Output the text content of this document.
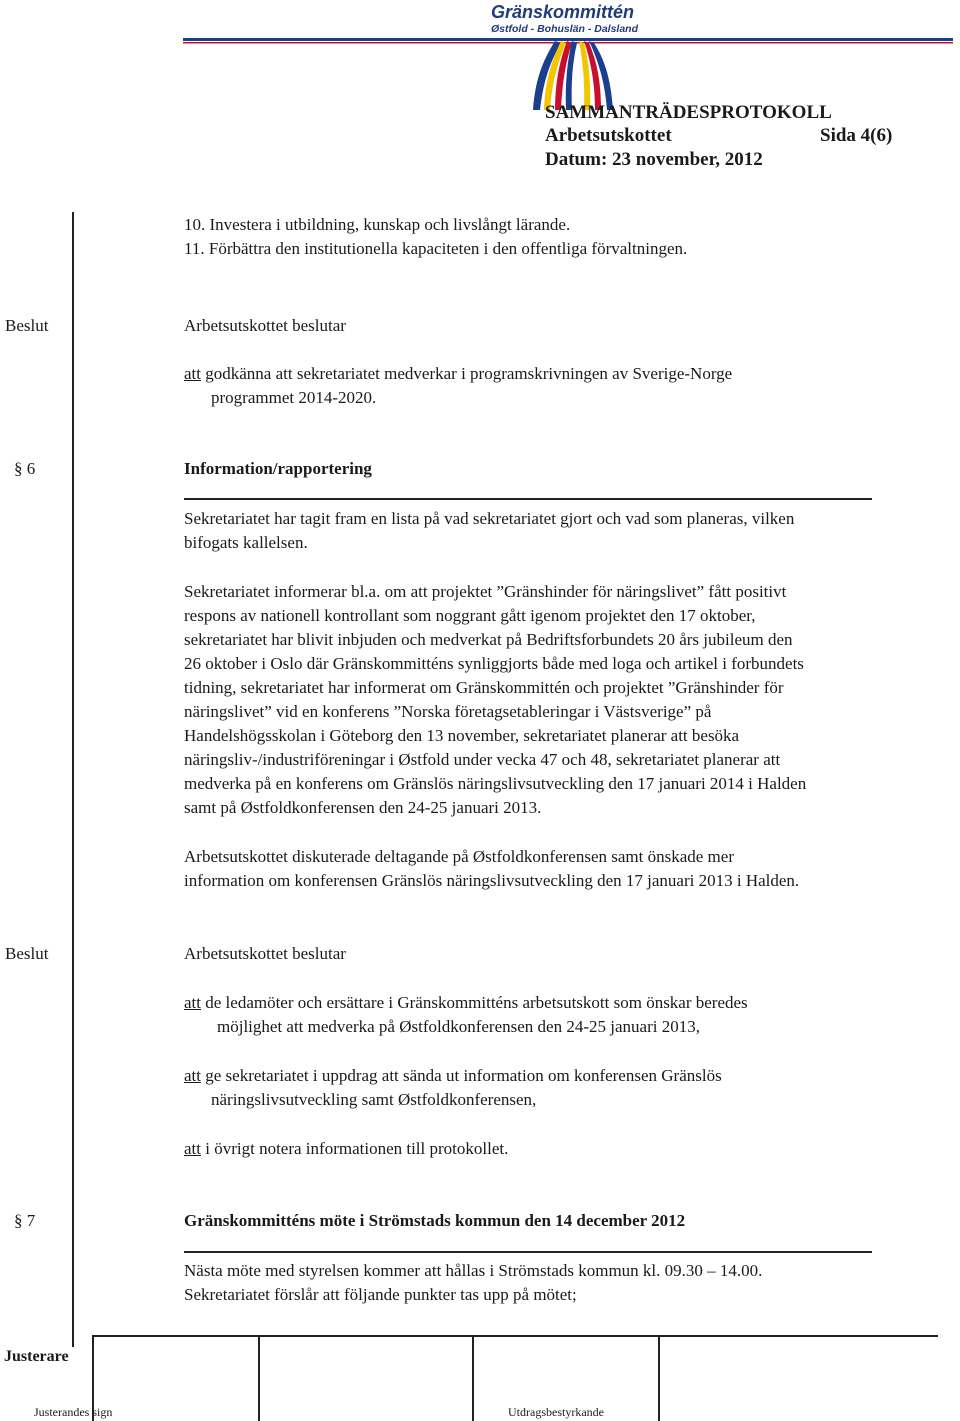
Gränskommittén
Østfold - Bohuslän - Dalsland
SAMMANTRÄDESPROTOKOLL
Arbetsutskottet	Sida 4(6)
Datum: 23 november, 2012
10. Investera i utbildning, kunskap och livslångt lärande.
11. Förbättra den institutionella kapaciteten i den offentliga förvaltningen.
Beslut	Arbetsutskottet beslutar
att godkänna att sekretariatet medverkar i programskrivningen av Sverige-Norge
programmet 2014-2020.
§ 6	Information/rapportering
Sekretariatet har tagit fram en lista på vad sekretariatet gjort och vad som planeras, vilken
bifogats kallelsen.
Sekretariatet informerar bl.a. om att projektet ”Gränshinder för näringslivet” fått positivt
respons av nationell kontrollant som noggrant gått igenom projektet den 17 oktober,
sekretariatet har blivit inbjuden och medverkat på Bedriftsforbundets 20 års jubileum den
26 oktober i Oslo där Gränskommitténs synliggjorts både med loga och artikel i forbundets
tidning, sekretariatet har informerat om Gränskommittén och projektet ”Gränshinder för
näringslivet” vid en konferens ”Norska företagsetableringar i Västsverige” på
Handelshögsskolan i Göteborg den 13 november, sekretariatet planerar att besöka
näringsliv-/industriföreningar i Østfold under vecka 47 och 48, sekretariatet planerar att
medverka på en konferens om Gränslös näringslivsutveckling den 17 januari 2014 i Halden
samt på Østfoldkonferensen den 24-25 januari 2013.
Arbetsutskottet diskuterade deltagande på Østfoldkonferensen samt önskade mer
information om konferensen Gränslös näringslivsutveckling den 17 januari 2013 i Halden.
Beslut	Arbetsutskottet beslutar
att de ledamöter och ersättare i Gränskommitténs arbetsutskott som önskar beredes
möjlighet att medverka på Østfoldkonferensen den 24-25 januari 2013,
att ge sekretariatet i uppdrag att sända ut information om konferensen Gränslös
näringslivsutveckling samt Østfoldkonferensen,
att i övrigt notera informationen till protokollet.
§ 7	Gränskommitténs möte i Strömstads kommun den 14 december 2012
Nästa möte med styrelsen kommer att hållas i Strömstads kommun kl. 09.30 – 14.00.
Sekretariatet förslår att följande punkter tas upp på mötet;
Justerare
Justerandes sign	Utdragsbestyrkande
